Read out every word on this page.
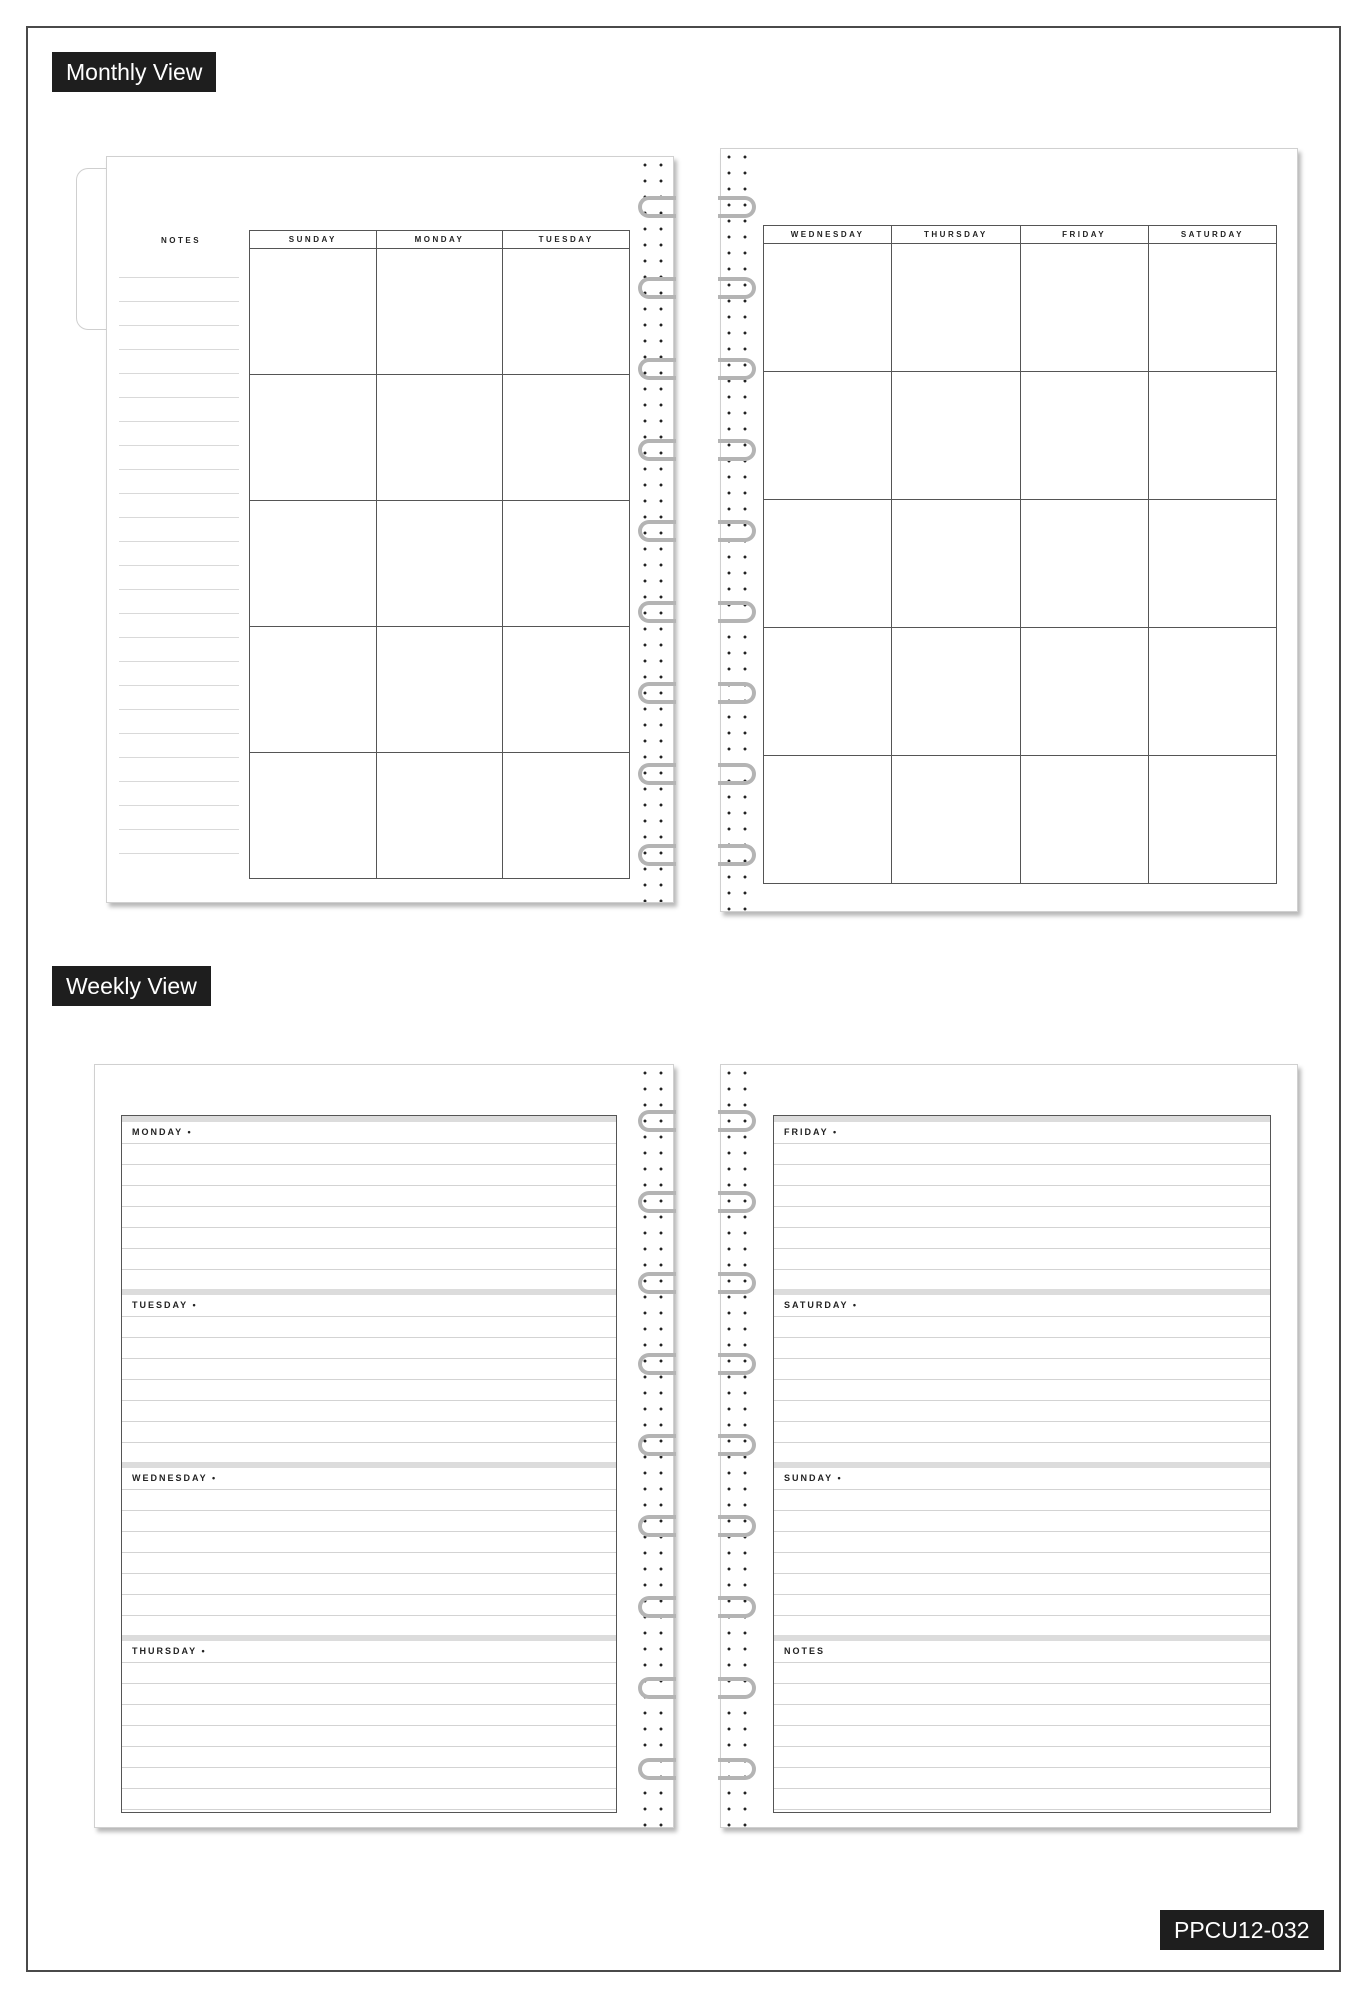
Monthly View
Weekly View
NOTES	SUNDAY	MONDAY	TUESDAY

WEDNESDAY	THURSDAY	FRIDAY	SATURDAY

MONDAY •
TUESDAY •
WEDNESDAY •
THURSDAY •
FRIDAY •
SATURDAY •
SUNDAY •
NOTES
PPCU12-032
